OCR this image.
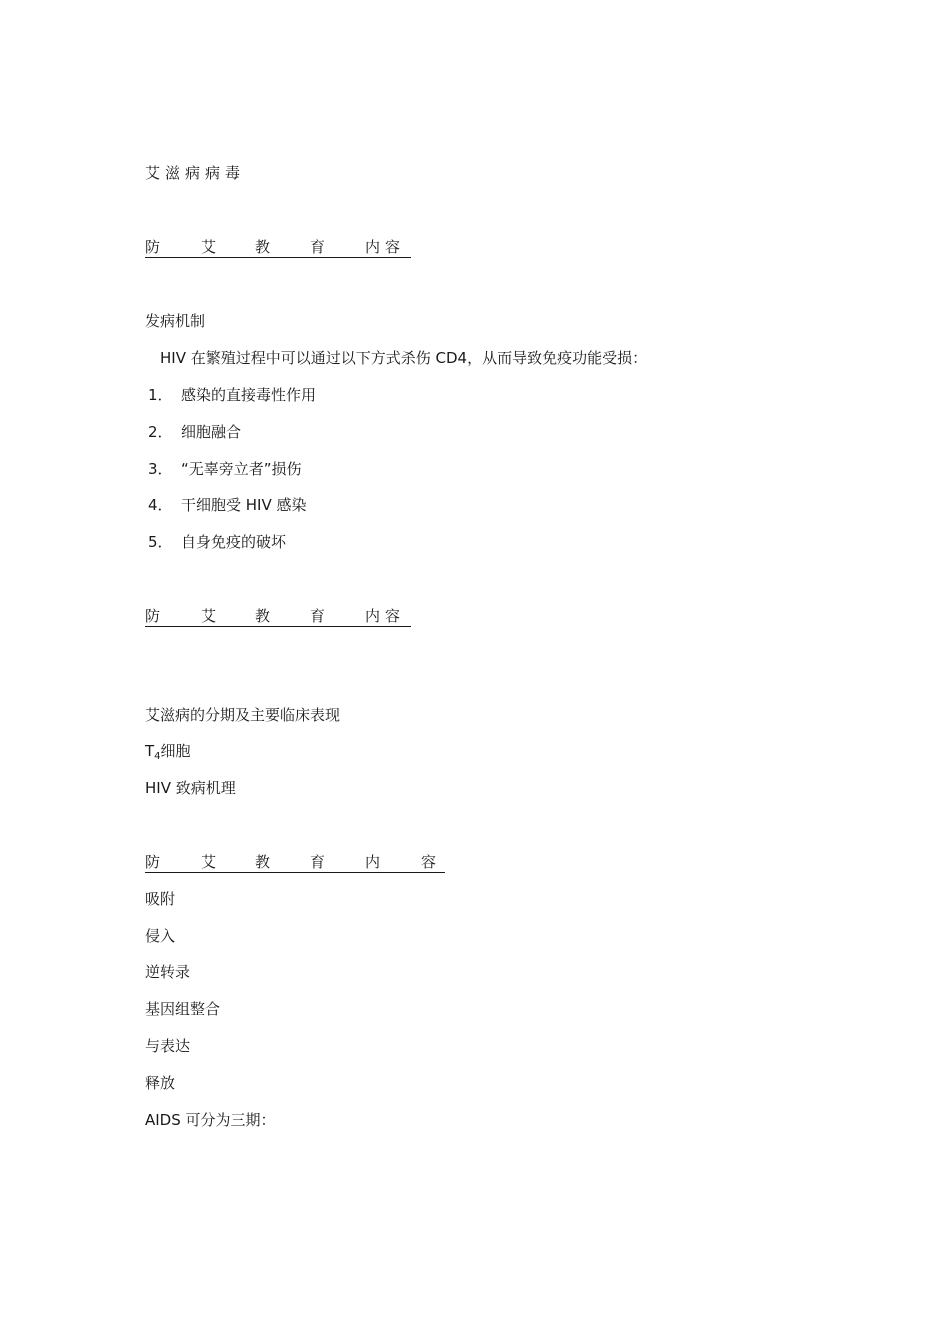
艾滋病病毒
防	艾	教	育	内 容
发病机制
HIV 在繁殖过程中可以通过以下方式杀伤 CD4，从而导致免疫功能受损：
1． 感染的直接毒性作用
2． 细胞融合
3． “无辜旁立者”损伤
4． 干细胞受 HIV 感染
5． 自身免疫的破坏
防	艾	教	育	内 容
艾滋病的分期及主要临床表现
$T_4$细胞
HIV 致病机理
防	艾	教	育	内	容
吸附
侵入
逆转录
基因组整合
与表达
释放
AIDS 可分为三期：
